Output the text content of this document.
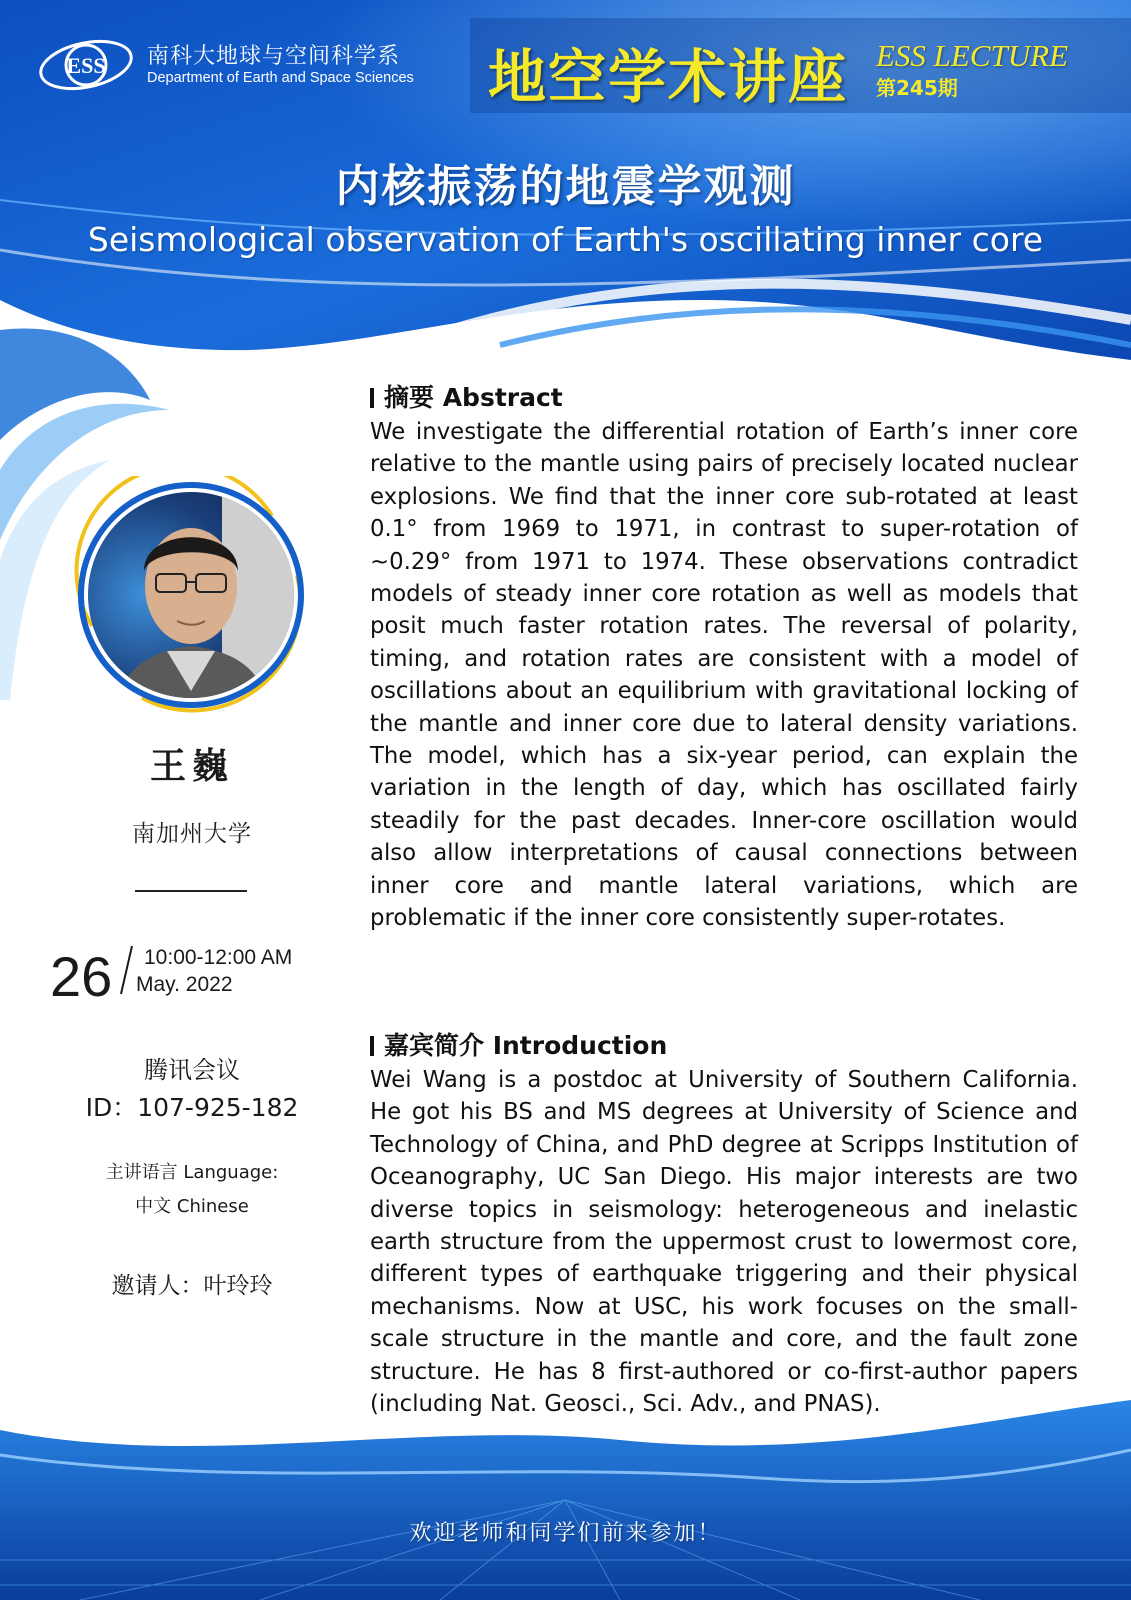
ESS 南科大地球与空间科学系
Department of Earth and Space Sciences 地空学术讲座 ESS LECTURE
第245期
内核振荡的地震学观测
Seismological observation of Earth's oscillating inner core
王巍
南加州大学
26 10:00-12:00 AM
May. 2022
腾讯会议
ID：107-925-182
主讲语言 Language:
中文 Chinese
邀请人：叶玲玲
摘要 Abstract
We investigate the differential rotation of Earth’s inner core relative to the mantle using pairs of precisely located nuclear explosions. We find that the inner core sub-rotated at least 0.1° from 1969 to 1971, in contrast to super-rotation of ~0.29° from 1971 to 1974. These observations contradict models of steady inner core rotation as well as models that posit much faster rotation rates. The reversal of polarity, timing, and rotation rates are consistent with a model of oscillations about an equilibrium with gravitational locking of the mantle and inner core due to lateral density variations. The model, which has a six-year period, can explain the variation in the length of day, which has oscillated fairly steadily for the past decades. Inner-core oscillation would also allow interpretations of causal connections between inner core and mantle lateral variations, which are problematic if the inner core consistently super-rotates.
嘉宾简介 Introduction
Wei Wang is a postdoc at University of Southern California. He got his BS and MS degrees at University of Science and Technology of China, and PhD degree at Scripps Institution of Oceanography, UC San Diego. His major interests are two diverse topics in seismology: heterogeneous and inelastic earth structure from the uppermost crust to lowermost core, different types of earthquake triggering and their physical mechanisms. Now at USC, his work focuses on the small-scale structure in the mantle and core, and the fault zone structure. He has 8 first-authored or co-first-author papers (including Nat. Geosci., Sci. Adv., and PNAS).
欢迎老师和同学们前来参加！
